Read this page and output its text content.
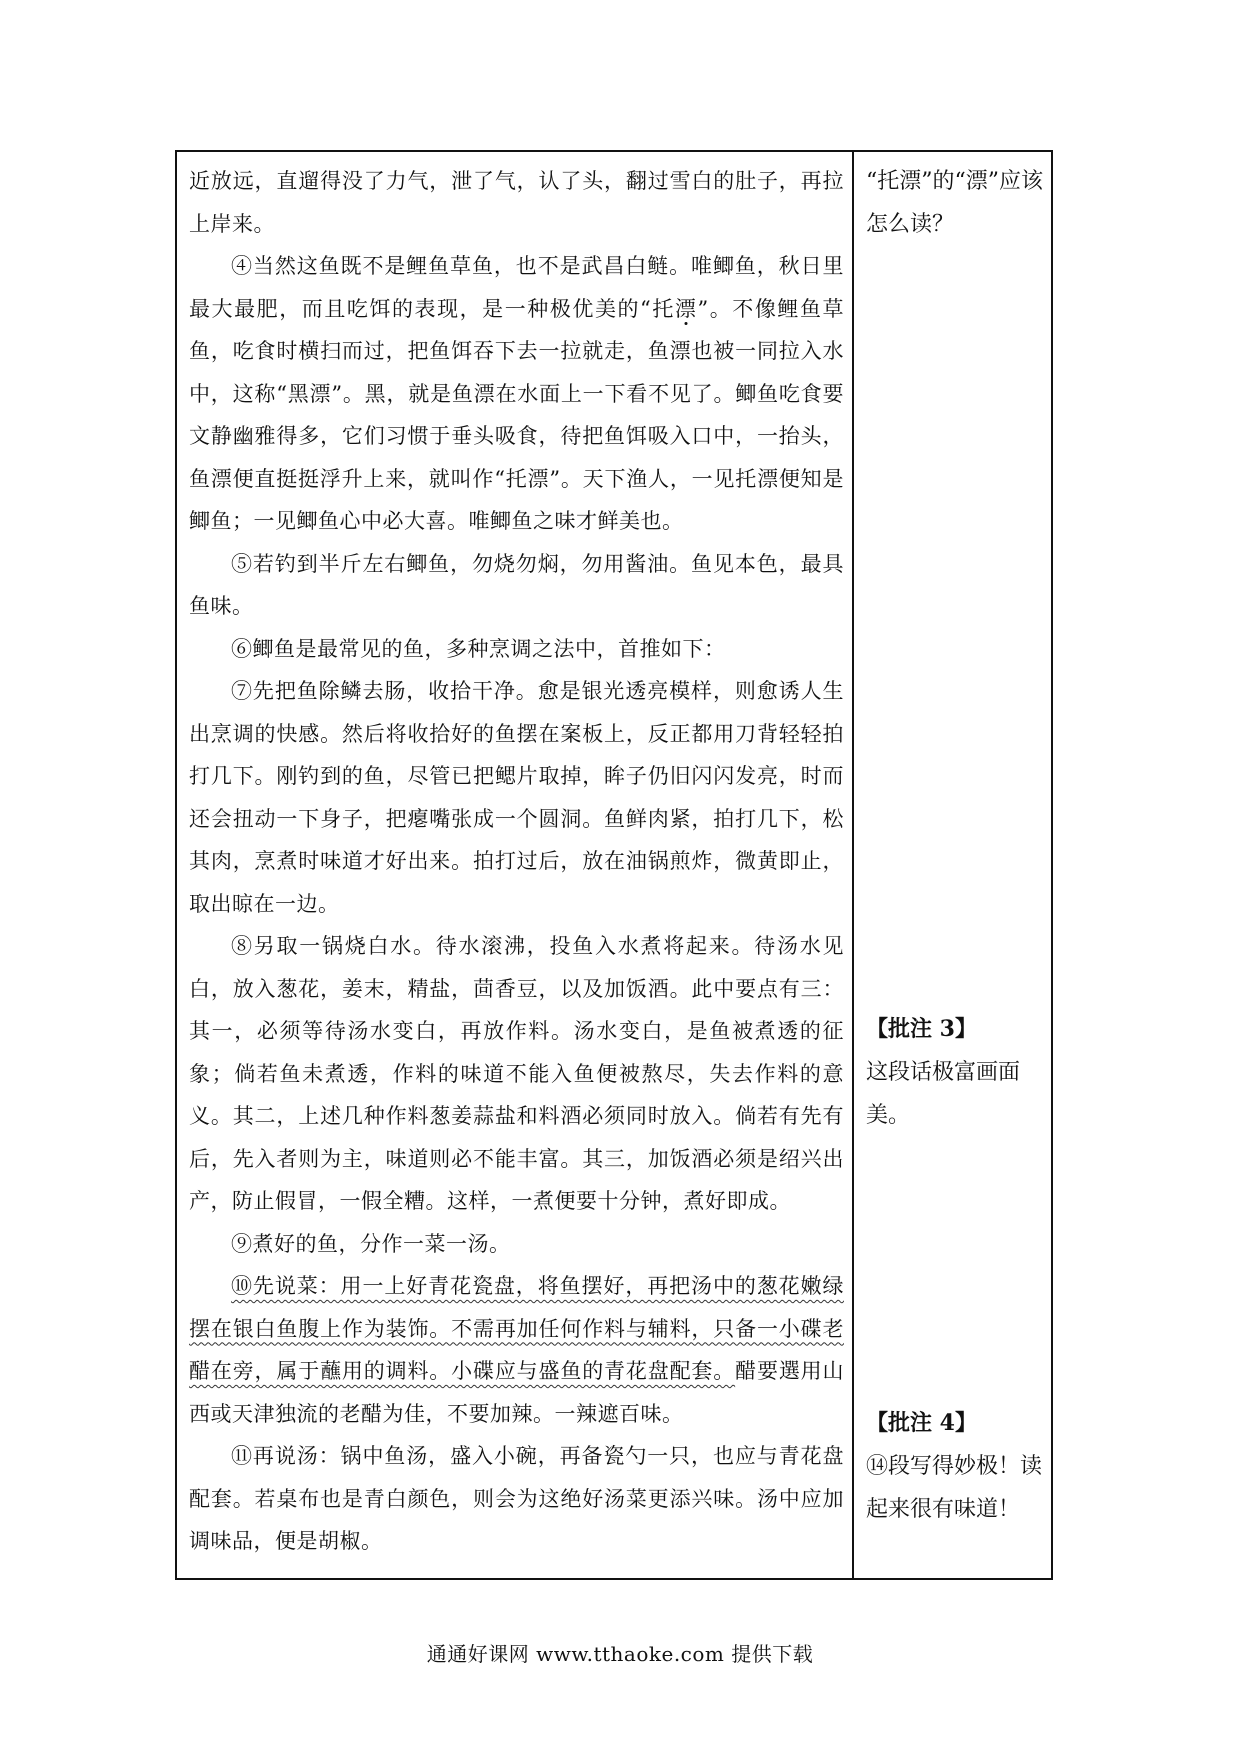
近放远，直遛得没了力气，泄了气，认了头，翻过雪白的肚子，再拉上岸来。

④当然这鱼既不是鲤鱼草鱼，也不是武昌白鲢。唯鲫鱼，秋日里最大最肥，而且吃饵的表现，是一种极优美的“托漂”。不像鲤鱼草鱼，吃食时横扫而过，把鱼饵吞下去一拉就走，鱼漂也被一同拉入水中，这称“黑漂”。黑，就是鱼漂在水面上一下看不见了。鲫鱼吃食要文静幽雅得多，它们习惯于垂头吸食，待把鱼饵吸入口中，一抬头，鱼漂便直挺挺浮升上来，就叫作“托漂”。天下渔人，一见托漂便知是鲫鱼；一见鲫鱼心中必大喜。唯鲫鱼之味才鲜美也。

⑤若钓到半斤左右鲫鱼，勿烧勿焖，勿用酱油。鱼见本色，最具鱼味。

⑥鲫鱼是最常见的鱼，多种烹调之法中，首推如下：

⑦先把鱼除鳞去肠，收拾干净。愈是银光透亮模样，则愈诱人生出烹调的快感。然后将收拾好的鱼摆在案板上，反正都用刀背轻轻拍打几下。刚钓到的鱼，尽管已把鳃片取掉，眸子仍旧闪闪发亮，时而还会扭动一下身子，把瘪嘴张成一个圆洞。鱼鲜肉紧，拍打几下，松其肉，烹煮时味道才好出来。拍打过后，放在油锅煎炸，微黄即止，取出晾在一边。

⑧另取一锅烧白水。待水滚沸，投鱼入水煮将起来。待汤水见白，放入葱花，姜末，精盐，茴香豆，以及加饭酒。此中要点有三：其一，必须等待汤水变白，再放作料。汤水变白，是鱼被煮透的征象；倘若鱼未煮透，作料的味道不能入鱼便被熬尽，失去作料的意义。其二，上述几种作料葱姜蒜盐和料酒必须同时放入。倘若有先有后，先入者则为主，味道则必不能丰富。其三，加饭酒必须是绍兴出产，防止假冒，一假全糟。这样，一煮便要十分钟，煮好即成。

⑨煮好的鱼，分作一菜一汤。

⑩先说菜：用一上好青花瓷盘，将鱼摆好，再把汤中的葱花嫩绿摆在银白鱼腹上作为装饰。不需再加任何作料与辅料，只备一小碟老醋在旁，属于蘸用的调料。小碟应与盛鱼的青花盘配套。醋要選用山西或天津独流的老醋为佳，不要加辣。一辣遮百味。

⑪再说汤：锅中鱼汤，盛入小碗，再备瓷勺一只，也应与青花盘配套。若桌布也是青白颜色，则会为这绝好汤菜更添兴味。汤中应加调味品，便是胡椒。

“托漂”的“漂”应该怎么读？

【批注 3】

这段话极富画面美。

【批注 4】

⑭段写得妙极！读起来很有味道！

通通好课网 www.tthaoke.com 提供下载
